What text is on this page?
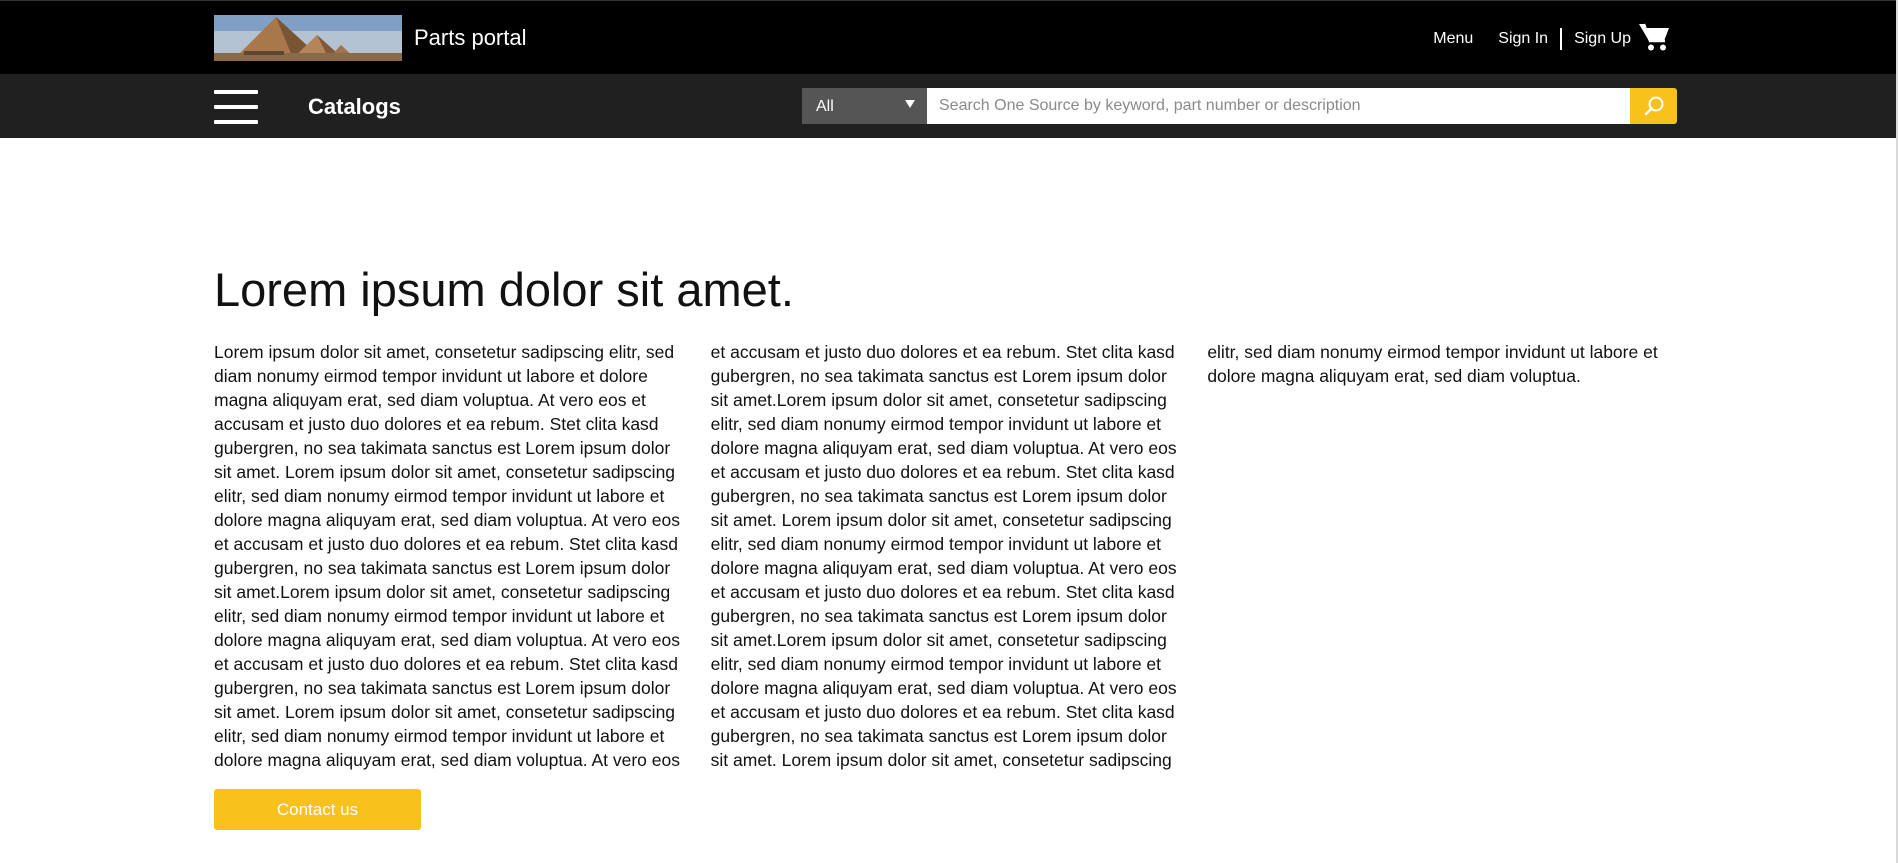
Parts portal	Menu Sign In Sign Up
Catalogs	All
Search One Source by keyword, part number or description
Lorem ipsum dolor sit amet.

Lorem ipsum dolor sit amet, consetetur sadipscing elitr, sed diam nonumy eirmod tempor invidunt ut labore et dolore magna aliquyam erat, sed diam voluptua. At vero eos et accusam et justo duo dolores et ea rebum. Stet clita kasd gubergren, no sea takimata sanctus est Lorem ipsum dolor sit amet. Lorem ipsum dolor sit amet, consetetur sadipscing elitr, sed diam nonumy eirmod tempor invidunt ut labore et dolore magna aliquyam erat, sed diam voluptua. At vero eos et accusam et justo duo dolores et ea rebum. Stet clita kasd gubergren, no sea takimata sanctus est Lorem ipsum dolor sit amet.Lorem ipsum dolor sit amet, consetetur sadipscing elitr, sed diam nonumy eirmod tempor invidunt ut labore et dolore magna aliquyam erat, sed diam voluptua. At vero eos et accusam et justo duo dolores et ea rebum. Stet clita kasd gubergren, no sea takimata sanctus est Lorem ipsum dolor sit amet. Lorem ipsum dolor sit amet, consetetur sadipscing elitr, sed diam nonumy eirmod tempor invidunt ut labore et dolore magna aliquyam erat, sed diam voluptua. At vero eos et accusam et justo duo dolores et ea rebum. Stet clita kasd gubergren, no sea takimata sanctus est Lorem ipsum dolor sit amet.Lorem ipsum dolor sit amet, consetetur sadipscing elitr, sed diam nonumy eirmod tempor invidunt ut labore et dolore magna aliquyam erat, sed diam voluptua. At vero eos et accusam et justo duo dolores et ea rebum. Stet clita kasd gubergren, no sea takimata sanctus est Lorem ipsum dolor sit amet. Lorem ipsum dolor sit amet, consetetur sadipscing elitr, sed diam nonumy eirmod tempor invidunt ut labore et dolore magna aliquyam erat, sed diam voluptua. At vero eos et accusam et justo duo dolores et ea rebum. Stet clita kasd gubergren, no sea takimata sanctus est Lorem ipsum dolor sit amet.Lorem ipsum dolor sit amet, consetetur sadipscing elitr, sed diam nonumy eirmod tempor invidunt ut labore et dolore magna aliquyam erat, sed diam voluptua. At vero eos et accusam et justo duo dolores et ea rebum. Stet clita kasd gubergren, no sea takimata sanctus est Lorem ipsum dolor sit amet. Lorem ipsum dolor sit amet, consetetur sadipscing elitr, sed diam nonumy eirmod tempor invidunt ut labore et dolore magna aliquyam erat, sed diam voluptua.

Contact us
